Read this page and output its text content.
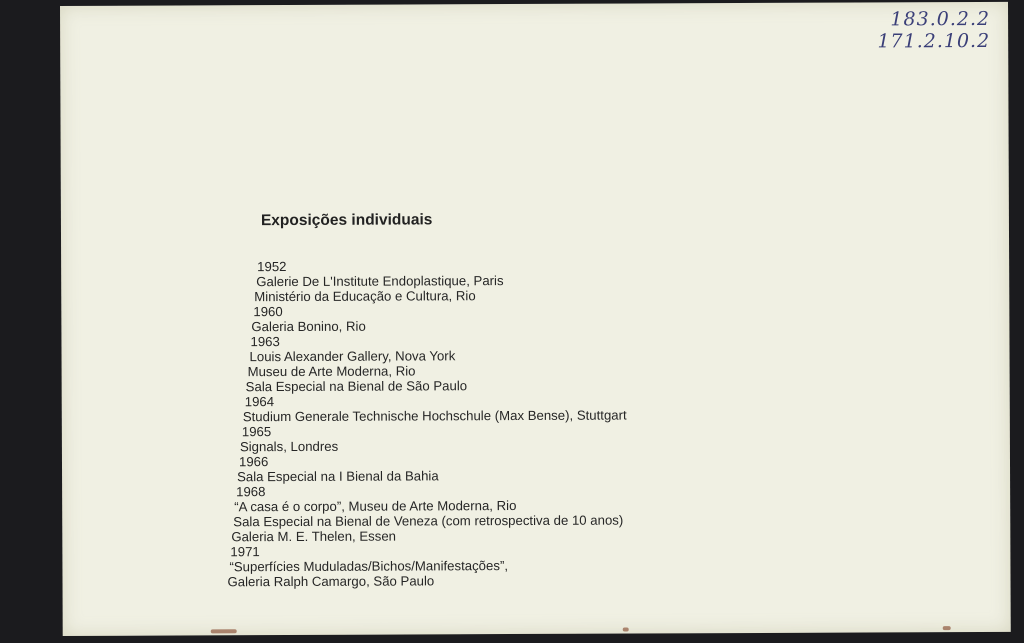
183.0.2.2
171.2.10.2
Exposições individuais
1952
Galerie De L'Institute Endoplastique, Paris
Ministério da Educação e Cultura, Rio
1960
Galeria Bonino, Rio
1963
Louis Alexander Gallery, Nova York
Museu de Arte Moderna, Rio
Sala Especial na Bienal de São Paulo
1964
Studium Generale Technische Hochschule (Max Bense), Stuttgart
1965
Signals, Londres
1966
Sala Especial na I Bienal da Bahia
1968
“A casa é o corpo”, Museu de Arte Moderna, Rio
Sala Especial na Bienal de Veneza (com retrospectiva de 10 anos)
Galeria M. E. Thelen, Essen
1971
“Superfícies Muduladas/Bichos/Manifestações”,
Galeria Ralph Camargo, São Paulo
